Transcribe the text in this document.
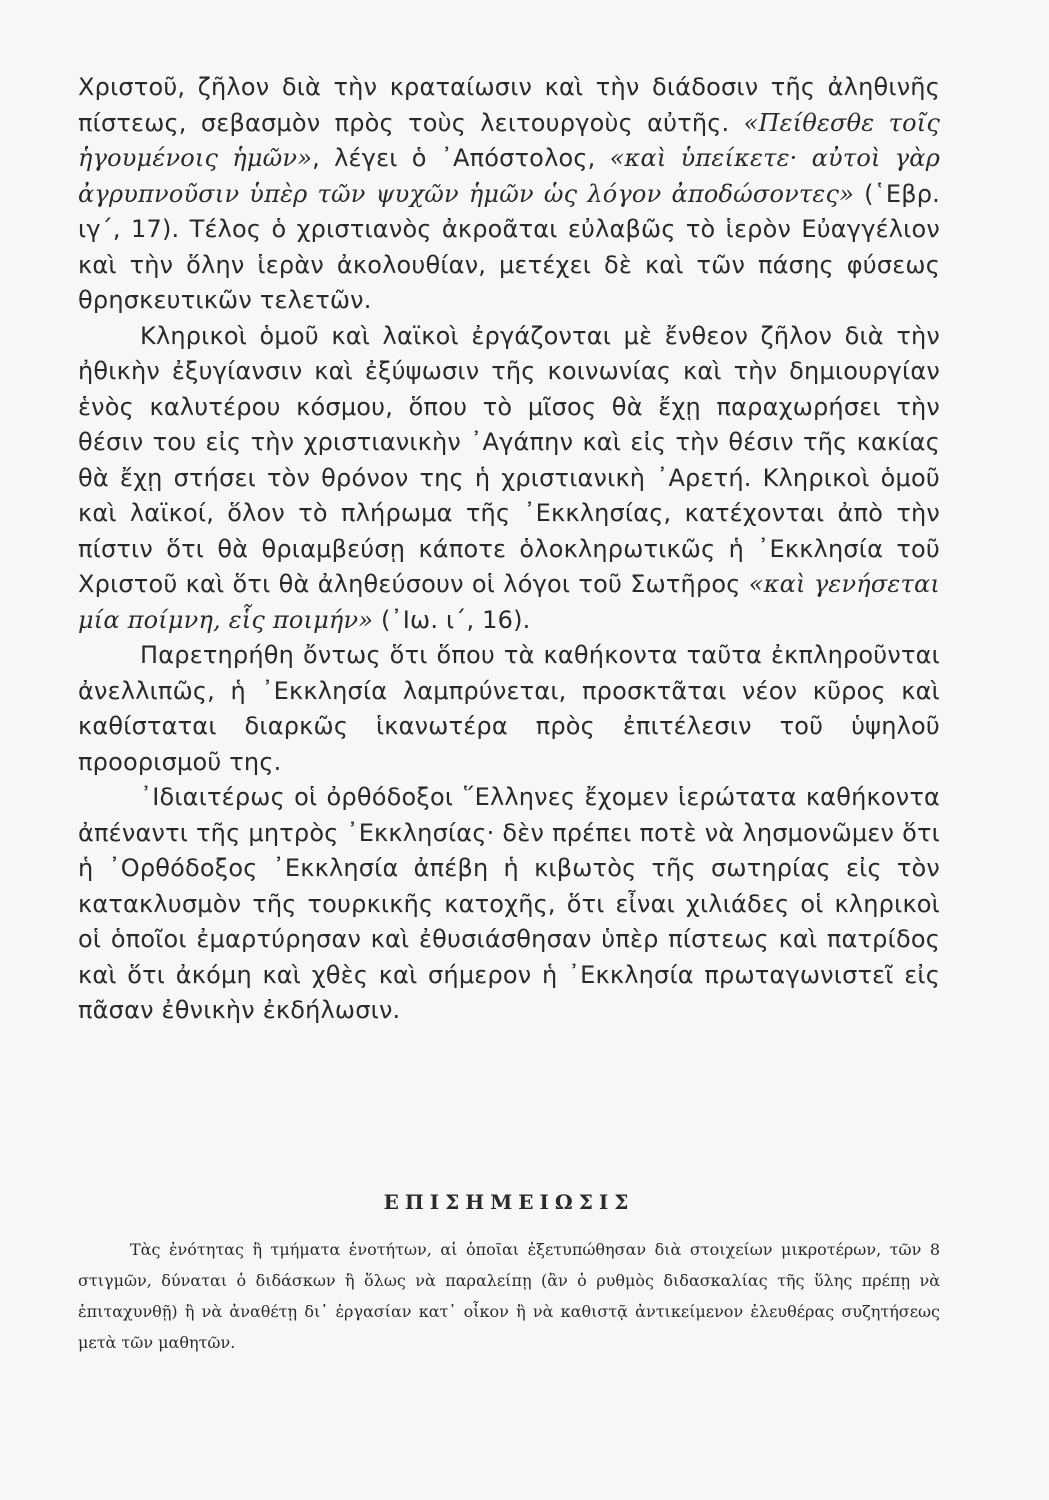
Χριστοῦ, ζῆλον διὰ τὴν κραταίωσιν καὶ τὴν διάδοσιν τῆς ἀληθινῆς πίστεως, σεβασμὸν πρὸς τοὺς λειτουργοὺς αὐτῆς. «Πείθεσθε τοῖς ἡγουμένοις ἡμῶν», λέγει ὁ ᾿Απόστολος, «καὶ ὑπείκετε· αὐτοὶ γὰρ ἀγρυπνοῦσιν ὑπὲρ τῶν ψυχῶν ἡμῶν ὡς λόγον ἀποδώσοντες» (῾Εβρ. ιγ΄, 17). Τέλος ὁ χριστιανὸς ἀκροᾶται εὐλαβῶς τὸ ἱερὸν Εὐαγγέλιον καὶ τὴν ὅλην ἱερὰν ἀκολουθίαν, μετέχει δὲ καὶ τῶν πάσης φύσεως θρησκευτικῶν τελετῶν.

Κληρικοὶ ὁμοῦ καὶ λαϊκοὶ ἐργάζονται μὲ ἔνθεον ζῆλον διὰ τὴν ἠθικὴν ἐξυγίανσιν καὶ ἐξύψωσιν τῆς κοινωνίας καὶ τὴν δημιουργίαν ἑνὸς καλυτέρου κόσμου, ὅπου τὸ μῖσος θὰ ἔχῃ παραχωρήσει τὴν θέσιν του εἰς τὴν χριστιανικὴν ᾿Αγάπην καὶ εἰς τὴν θέσιν τῆς κακίας θὰ ἔχῃ στήσει τὸν θρόνον της ἡ χριστιανικὴ ᾿Αρετή. Κληρικοὶ ὁμοῦ καὶ λαϊκοί, ὅλον τὸ πλήρωμα τῆς ᾿Εκκλησίας, κατέχονται ἀπὸ τὴν πίστιν ὅτι θὰ θριαμβεύσῃ κάποτε ὁλοκληρωτικῶς ἡ ᾿Εκκλησία τοῦ Χριστοῦ καὶ ὅτι θὰ ἀληθεύσουν οἱ λόγοι τοῦ Σωτῆρος «καὶ γενήσεται μία ποίμνη, εἷς ποιμήν» (᾿Ιω. ι΄, 16).

Παρετηρήθη ὄντως ὅτι ὅπου τὰ καθήκοντα ταῦτα ἐκπληροῦνται ἀνελλιπῶς, ἡ ᾿Εκκλησία λαμπρύνεται, προσκτᾶται νέον κῦρος καὶ καθίσταται διαρκῶς ἱκανωτέρα πρὸς ἐπιτέλεσιν τοῦ ὑψηλοῦ προορισμοῦ της.

᾿Ιδιαιτέρως οἱ ὀρθόδοξοι ῞Ελληνες ἔχομεν ἱερώτατα καθήκοντα ἀπέναντι τῆς μητρὸς ᾿Εκκλησίας· δὲν πρέπει ποτὲ νὰ λησμονῶμεν ὅτι ἡ ᾿Ορθόδοξος ᾿Εκκλησία ἀπέβη ἡ κιβωτὸς τῆς σωτηρίας εἰς τὸν κατακλυσμὸν τῆς τουρκικῆς κατοχῆς, ὅτι εἶναι χιλιάδες οἱ κληρικοὶ οἱ ὁποῖοι ἐμαρτύρησαν καὶ ἐθυσιάσθησαν ὑπὲρ πίστεως καὶ πατρίδος καὶ ὅτι ἀκόμη καὶ χθὲς καὶ σήμερον ἡ ᾿Εκκλησία πρωταγωνιστεῖ εἰς πᾶσαν ἐθνικὴν ἐκδήλωσιν.

ΕΠΙΣΗΜΕΙΩΣΙΣ

Τὰς ἑνότητας ἢ τμήματα ἑνοτήτων, αἱ ὁποῖαι ἐξετυπώθησαν διὰ στοιχείων μικροτέρων, τῶν 8 στιγμῶν, δύναται ὁ διδάσκων ἢ ὅλως νὰ παραλείπῃ (ἂν ὁ ρυθμὸς διδασκαλίας τῆς ὕλης πρέπῃ νὰ ἐπιταχυνθῇ) ἢ νὰ ἀναθέτῃ δι᾿ ἐργασίαν κατ᾿ οἶκον ἢ νὰ καθιστᾷ ἀντικείμενον ἐλευθέρας συζητήσεως μετὰ τῶν μαθητῶν.
